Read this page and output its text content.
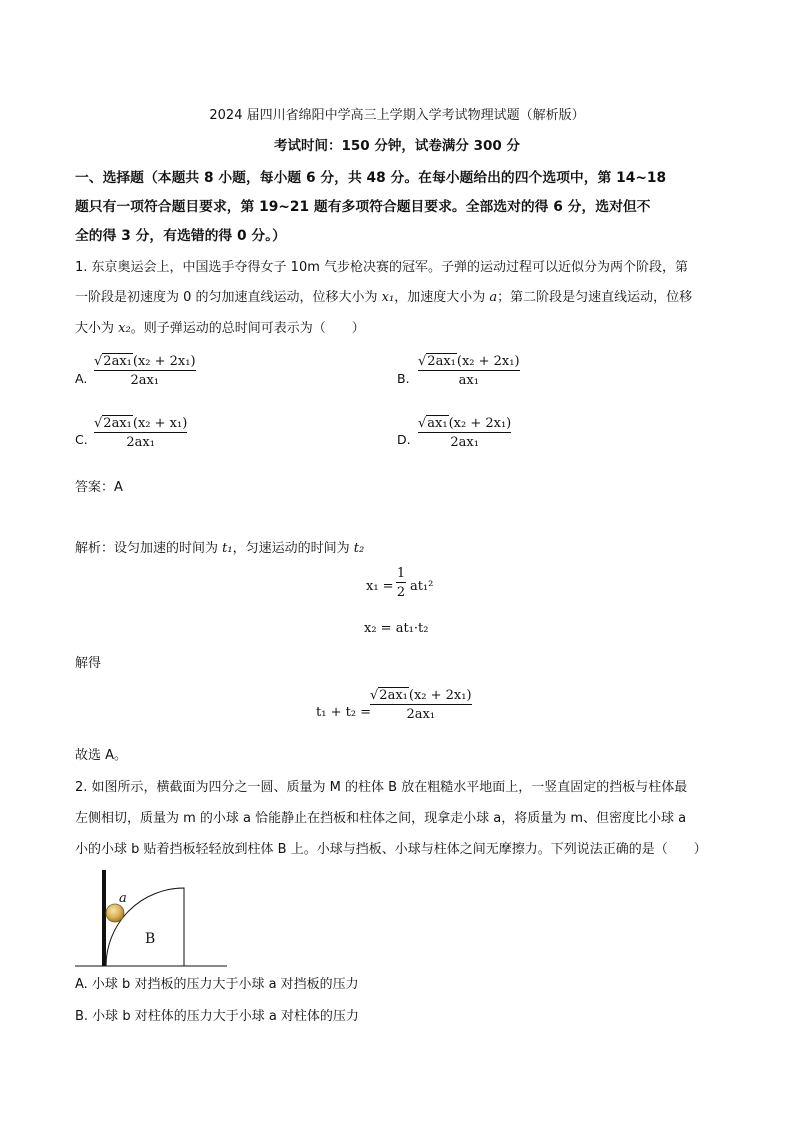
2024 届四川省绵阳中学高三上学期入学考试物理试题（解析版）
考试时间：150 分钟，试卷满分 300 分
一、选择题（本题共 8 小题，每小题 6 分，共 48 分。在每小题给出的四个选项中，第 14~18
题只有一项符合题目要求，第 19~21 题有多项符合题目要求。全部选对的得 6 分，选对但不
全的得 3 分，有选错的得 0 分。）
1. 东京奥运会上，中国选手夺得女子 10m 气步枪决赛的冠军。子弹的运动过程可以近似分为两个阶段，第
一阶段是初速度为 0 的匀加速直线运动，位移大小为 x₁，加速度大小为 a；第二阶段是匀速直线运动，位移
大小为 x₂。则子弹运动的总时间可表示为（　　）
A.
√2ax₁(x₂ + 2x₁)
2ax₁	B.
√2ax₁(x₂ + 2x₁)
ax₁
C.
√2ax₁(x₂ + x₁)
2ax₁	D.
√ax₁(x₂ + 2x₁)
2ax₁
答案：A
解析：设匀加速的时间为 t₁，匀速运动的时间为 t₂
x₁ =
1
2 at₁²
x₂ = at₁·t₂
解得
t₁ + t₂ =
√2ax₁(x₂ + 2x₁)
2ax₁
故选 A。
2. 如图所示，横截面为四分之一圆、质量为 M 的柱体 B 放在粗糙水平地面上，一竖直固定的挡板与柱体最
左侧相切，质量为 m 的小球 a 恰能静止在挡板和柱体之间，现拿走小球 a，将质量为 m、但密度比小球 a
小的小球 b 贴着挡板轻轻放到柱体 B 上。小球与挡板、小球与柱体之间无摩擦力。下列说法正确的是（　　）
a
B
A. 小球 b 对挡板的压力大于小球 a 对挡板的压力
B. 小球 b 对柱体的压力大于小球 a 对柱体的压力
